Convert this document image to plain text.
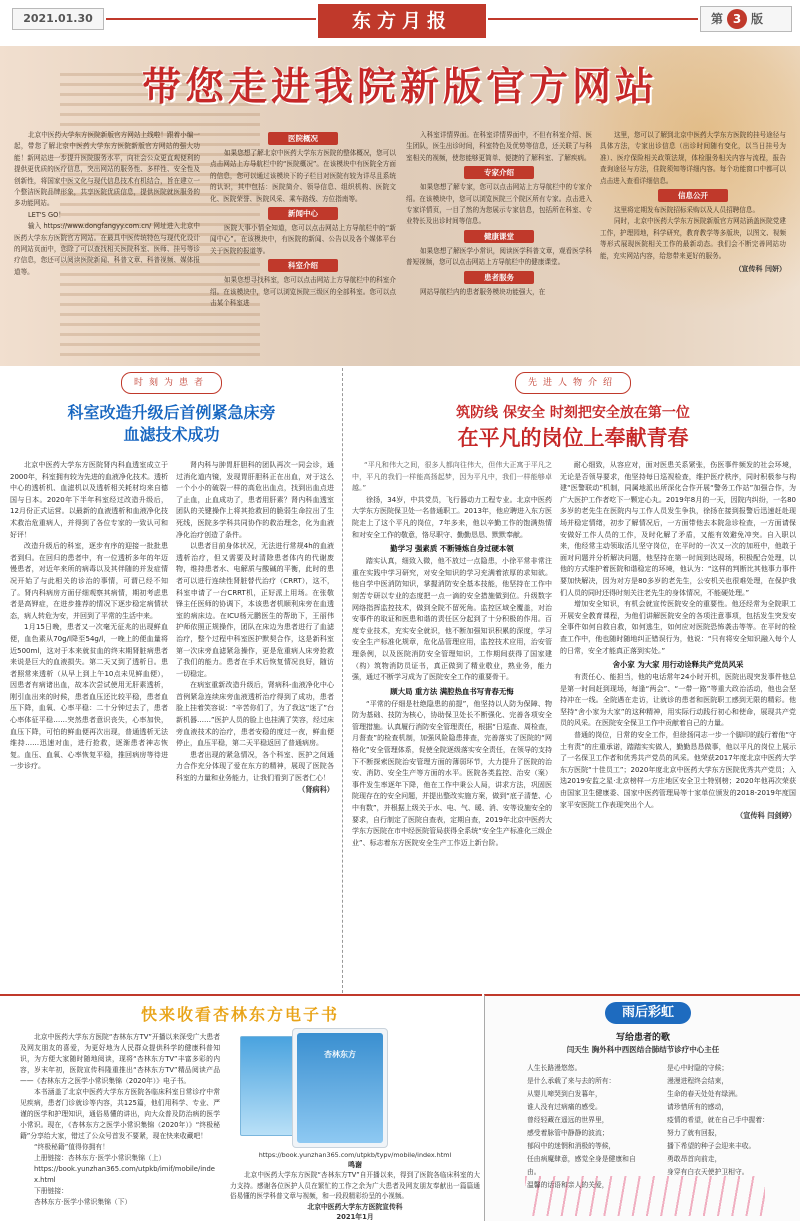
2021.01.30	东方月报	第 3 版
带您走进我院新版官方网站

北京中医药大学东方医院新版官方网站上线啦！跟着小编一起，带您了解北京中医药大学东方医院新版官方网站的强大功能！新网站进一步提升医院服务水平，向社会公众更直观便利的提供更优质的医疗信息，突出网站的服务性、多样性、安全性及创新性，将国家中医文化与现代信息技术有机结合，旨在建立一个整洁医院品牌形象，共享医院优质信息，提供医院就医服务的多功能网站。

LET'S GO！

输入 https://www.dongfangyy.com.cn/ 网址进入北京中医药大学东方医院官方网站。在最具中医传统特色与现代化设计的网站页面中，您除了可以查找相关医院科室、医师、挂号等诊疗信息，您还可以阅读医院新闻、科普文章、科普视频、媒体报道等。

医院概况

如果您想了解北京中医药大学东方医院的整体概况，您可以点击网站上方导航栏中的“医院概况”。在该模块中有医院全方面的信息，您可以通过该模块下的子栏目对医院有较为详尽且系统的认识，其中包括：医院简介、领导信息、组织机构、医院文化、医院荣誉、医院风采、乘车路线、方位指南等。

新闻中心

医院大事小情全知道，您可以点击网站上方导航栏中的“新闻中心”。在该模块中，有医院的新闻、公告以及各个媒体平台关于医院的报道等。

科室介绍

如果您想寻找科室，您可以点击网站上方导航栏中的科室介绍。在该模块中，您可以浏览医院三级区的全部科室。您可以点击某个科室进

入科室详情界面。在科室详情界面中，不但有科室介绍、医生团队，医生出诊时间，科室特色及优势等信息，还关联了与科室相关的视频，使您能够更简单、便捷的了解科室、了解疾病。

专家介绍

如果您想了解专家，您可以点击网站上方导航栏中的专家介绍。在该模块中，您可以浏览医院三个院区所有专家。点击进入专家详情页，一目了然的为您展示专家信息，包括所在科室、专业特长及出诊时间等信息。

健康课堂

如果您想了解医学小常识，阅读医学科普文章，观看医学科普短视频，您可以点击网站上方导航栏中的健康课堂。

患者服务

网站导航栏内的患者服务模块功能强大，在

这里，您可以了解到北京中医药大学东方医院的挂号途径与具体方法，专家出诊信息（出诊时间随有变化，以当日挂号为准）、医疗保险相关政策法规，体检服务相关内容与流程，报告查询途径与方法，住院须知等详细内容。每个功能窗口中都可以点击进入查看详细信息。

信息公开

这里将定期发布医院招标采购以及人员招聘信息。

同时，北京中医药大学东方医院新版官方网站涵盖医院党建工作，护理园地，科学研究，教育教学等多版块，以图文、视频等形式展现医院相关工作的最新动态。我们会不断完善网站功能，充实网站内容，给您带来更好的服务。

（宣传科 闫妍）
时刻为患者
科室改造升级后首例紧急床旁
血滤技术成功

北京中医药大学东方医院肾内科血透室成立于2000年，科室拥有较为先进的血液净化技术。透析中心的透析机、血滤机以及透析相关耗材均来自德国与日本。2020年下半年科室经过改造升级后，12月份正式运营。以最新的血液透析和血液净化技术救治危重病人，并得到了各位专家的一致认可和好评！

改造升级后的科室，逐步有序的迎接一批批患者到归。在回归的患者中，有一位透析多年的年迈慢患者，对近年来所的病毒以及其伴随的并发症情况开始了与此相关的诊治的事情，可谓已经不知了。肾内科病房方面仔细观察其病情，期初考虑患者是高钾症，在进步推荐的情况下逐步稳定病情状态，病人转危为安，并回到了平常的生活中来。

1月15日晚，患者又一次毫无征兆的出现鲜血便，血色素从70g/l降至54g/l，一晚上的便血量将近500ml，这对于本来就贫血的终末期肾脏病患者来说是巨大的血液损失。第二天又到了透析日。患者照常来透析（从早上到上午10点未见鲜血便），因患者有病诸出血，故本次尝试使用无肝素透析，刚引血出来的时候，患者血压还比较平稳，患者血压下降，血氧、心率平稳：二十分钟过去了，患者心率体征平稳……突然患者意识丧失，心率加快，血压下降，可怕的鲜血便再次出现，普通透析无法维持……迅速对血，进行抢救，逐渐患者神志恢复。血压、血氧、心率恢复平稳，推回病房等待进一步诊疗。

肾内科与肿胃肝胆科的团队再次一同会诊，通过消化道内镜，发现胃肝胆科正在出血，对于这么一个小小的破裂一样的高危出血点，找到出血点进了止血，止血成功了，患者用肝素？肾内科血透室团队的关键操作上将其抢救回的脆弱生命拉出了生死线，医院多学科共同协作的救治理念，化为血液净化治疗创造了条件。

以患者目前身体状况，无法进行常规4h的血液透析治疗，但又需要及时清除患者体内的代谢废物，维持患者水、电解质与酸碱的平衡，此时的患者可以进行连续性肾脏替代治疗（CRRT），这不，科室申请了一台CRRT机，正好派上用场。在张敬锋主任医师的协调下，本该患者机顺利床旁在血透室的病床边。在ICU杨元鹏医生的帮助下，王丽伟护师依照正规操作，团队在床边为患者进行了血滤治疗，整个过程中科室医护默契合作，这是新科室第一次床旁血滤紧急操作，更是危重病人床旁抢救了我们的能力。患者在手术后恢复情况良好，随访一切稳定。

在病室重新改造升级后，肾病科-血液净化中心首例紧急连续床旁血液透析治疗得到了成功，患者脸上挂着笑容说：“辛苦你们了，为了我这“迷了”台新机器……”医护人员的脸上也挂满了笑容，经过床旁血液技术的治疗，患者安稳的度过一夜，鲜血便停止，血压平稳，第二天平稳返回了普通病房。

患者出现的紧急情况，各个科室、医护之间通力合作充分体现了爱在东方的精神，展现了医院各科室的力量和业务能力，让我们看到了医者仁心！

（肾病科）
先进人物介绍
筑防线 保安全 时刻把安全放在第一位
在平凡的岗位上奉献青春
“平凡和伟大之间，很多人都向往伟大，但伟大正寓于平凡之中，平凡的我们一样能高扬起梦，因为平凡中，我们一样能够卓越。”

徐扬，34岁，中共党员，飞行器动力工程专业。北京中医药大学东方医院保卫处一名普通职工。2013年，他应聘进入东方医院走上了这个平凡的岗位，7年多来，他以辛勤工作的饱满热情和对安全工作的敬意，恪尽职守、勤勤恳恳、默默奉献。

勤学习 强素质 不断锤炼自身过硬本领

踏实认真，细致入微，他不放过一点隐患，小徐平常非常注重在实践中学习研究，对安全知识的学习充满着浓厚的求知欲。他自学中医消防知识，掌握消防安全基本技能，他坚持在工作中刻苦专研以专业的态度把一点一滴的安全措施做到位。升级数字网络指挥监控技术，做到全院不留死角。监控区域全覆盖，对治安事件的取证和医患和谐的责任区分起到了十分积极的作用。百度专业技术，充实安全就识，他不断加强知识积累的深度，学习安全生产标准化规章，危化品管理应用，监控技术应用，治安管理条例，以及医院消防安全管理知识，工作期间获得了国家建（构）筑物消防员证书，真正做到了精业敬业，熟业务，能力强，通过不断学习成为了医院安全工作的重要骨干。

顾大局 重方法 满腔热血书写青春无悔

“平常的仔细是杜绝隐患的前提”，他坚持以人防为保障、物防为基础、技防为核心，协助保卫处长不断强化、完善各项安全管理措施。认真履行消防安全管理责任，根据“日巡查、周检查，月督查”的检查机制，加强风险隐患排查，完善落实了医院的“网格化”安全管理体系，促使全院逐级落实安全责任，在领导的支持下不断探索医院治安管理方面的薄弱环节，大力提升了医院的治安、消防、安全生产等方面的水平。医院各类监控、治安（案）事件发生率逐年下降，他在工作中秉公人局，讲求方法，巩固医院现存在的安全问题，并提出整改实施方案，做到“底子清楚、心中有数”，并根据上级关于水、电、气、暖、消、安等设施安全的要求，自行制定了医院自查表，定期自查，2019年北京中医药大学东方医院在市中经医院管局获得全系统“安全生产标准化三级企业”、标志着东方医院安全生产工作迈上新台阶。

耐心细致，从容应对，面对医患关系紧张，伤医事件频发的社会环境，无论是否领导要求，他坚持每日巡视检查，维护医疗秩序，同时积极参与构建“医警联动”机制，同属地派出所深化合作开展“警务工作站”加强合作，为广大医护工作者吃下一颗定心丸。2019年8月的一天，因院内纠纷，一名80多岁的老先生在医院内与工作人员发生争执，徐扬在接到报警后迅速赶赴现场并稳定情绪，初步了解情况后，一方面带他去本院急诊检查，一方面请保安做好工作人员的工作，及时化解了矛盾，又能有效避免冲突。自入职以来，他经常主动领取活儿坚守岗位，在平时的一次又一次的加班中，他敢于面对问题并分析解决问题，他坚持在第一时间到达现场，积极配合处理，以他的方式维护着医院和谐稳定的环境，他认为：“这样的判断比其他事力事件要加快解决，因为对方是80多岁的老先生，公安机关也很难处理，在保护我们人员的同时还得时刻关注老先生的身体情况，不能硬处理。”

增加安全知识，有机会就宣传医院安全的重要性。他还经常为全院职工开展安全教育课程，为他们讲解医院安全的各项注意事项，包括发生突发安全事件如何自救自救，如何逃生，如何应对医院恐怖袭击等等。在平时的检查工作中，他也随时随地纠正错误行为，他说：“只有将安全知识融入每个人的日常，安全才能真正落到实处。”

舍小家 为大家 用行动诠释共产党员风采

有责任心、能担当，他的电话常年24小时开机，医院出现突发事件他总是第一时间赶到现场，每逢“两会”、“一带一路”等重大政治活动，他也会坚持冲在一线。全院遇在走访，让就诊的患者和医院职工感到无限的精彩。他坚持“舍小家为大家”的这种精神，用实际行动践行初心和使命，展现共产党员的风采。在医院安全保卫工作中贡献着自己的力量。

普通的岗位，日常的安全工作，但徐扬同志一步一个脚印的践行着他“守土有责”的庄重承诺，踏踏实实做人，勤勤恳恳做事，他以平凡的岗位上展示了一名保卫工作者和优秀共产党员的风采。他荣获2017年度北京中医药大学东方医院“十佳员工”；2020年度北京中医药大学东方医院优秀共产党员；入选2019安监之星·北京榜样一方庄地区安全卫士特别榜；2020年他再次荣获由国家卫生健康委、国家中医药管理局等十家单位颁发的2018-2019年度国家平安医院工作表现突出个人。

（宣传科 闫剑婷）
快来收看杏林东方电子书

北京中医药大学东方医院“杏林东方TV”开播以来深受广大患者及网友朋友的喜爱，为更好地为人民群众提供科学的健康科普知识，为方便大家随时随地阅读，现将“杏林东方TV”丰富多彩的内容，岁末年初，医院宣传科隆重推出“杏林东方TV”精品阅读产品——《杏林东方之医学小常识集锦（2020年）》电子书。

本书涵盖了北京中医药大学东方医院各临床科室日常诊疗中常见疾病，患者门诊就诊等内容，共125篇，他们用科学、专业、严谨的医学和护理知识，通俗易懂的讲出，向大众普及防治病的医学小常识。现在，《杏林东方之医学小常识集锦（2020年）》“终极秘籍”分享给大家，错过了公众号首发不要紧，现在快来收藏吧！

“终极秘籍”值得你拥有！
上册链接：杏林东方·医学小常识集锦（上）
https://book.yunzhan365.com/utpkb/imif/mobile/index.html
下册链接：
杏林东方·医学小常识集锦（下）
杏林东方
https://book.yunzhan365.com/utpkb/typv/mobile/index.html
鸣谢

北京中医药大学东方医院“杏林东方TV”自开播以来，得到了医院各临床科室的大力支持。感谢各位医护人员在繁忙的工作之余为广大患者及网友朋友奉献出一篇篇通俗易懂的医学科普文章与视频，和一段段精彩纷呈的小视频。

北京中医药大学东方医院宣传科
2021年1月
雨后彩虹
写给患者的歌
闫天生 胸外科中西医结合肺结节诊疗中心主任
人生长路漫悠悠。
是什么承载了来与去的所有：
从婴儿啼哭到白发暮年，
谁人没有过病痛的感受。
曾经轻藏在遥远的世界里，
感受着脉管中静静的波流；
郁闷中的迷惘和消极的等候，
任由病魔肆意，感觉全身是健康和自由。
温馨的话语和亲人的关爱，
是心中时隐的守候；
漫漫进程终会结束，
生命的春天处处有绿洲。
请珍惜所有的感动，
疫情的希望，就在自己手中握着：
努力了就有回报，
播下希望的种子会迎来丰收。
勇敢昂首向前走，
身穿有白衣天使护卫相守。
